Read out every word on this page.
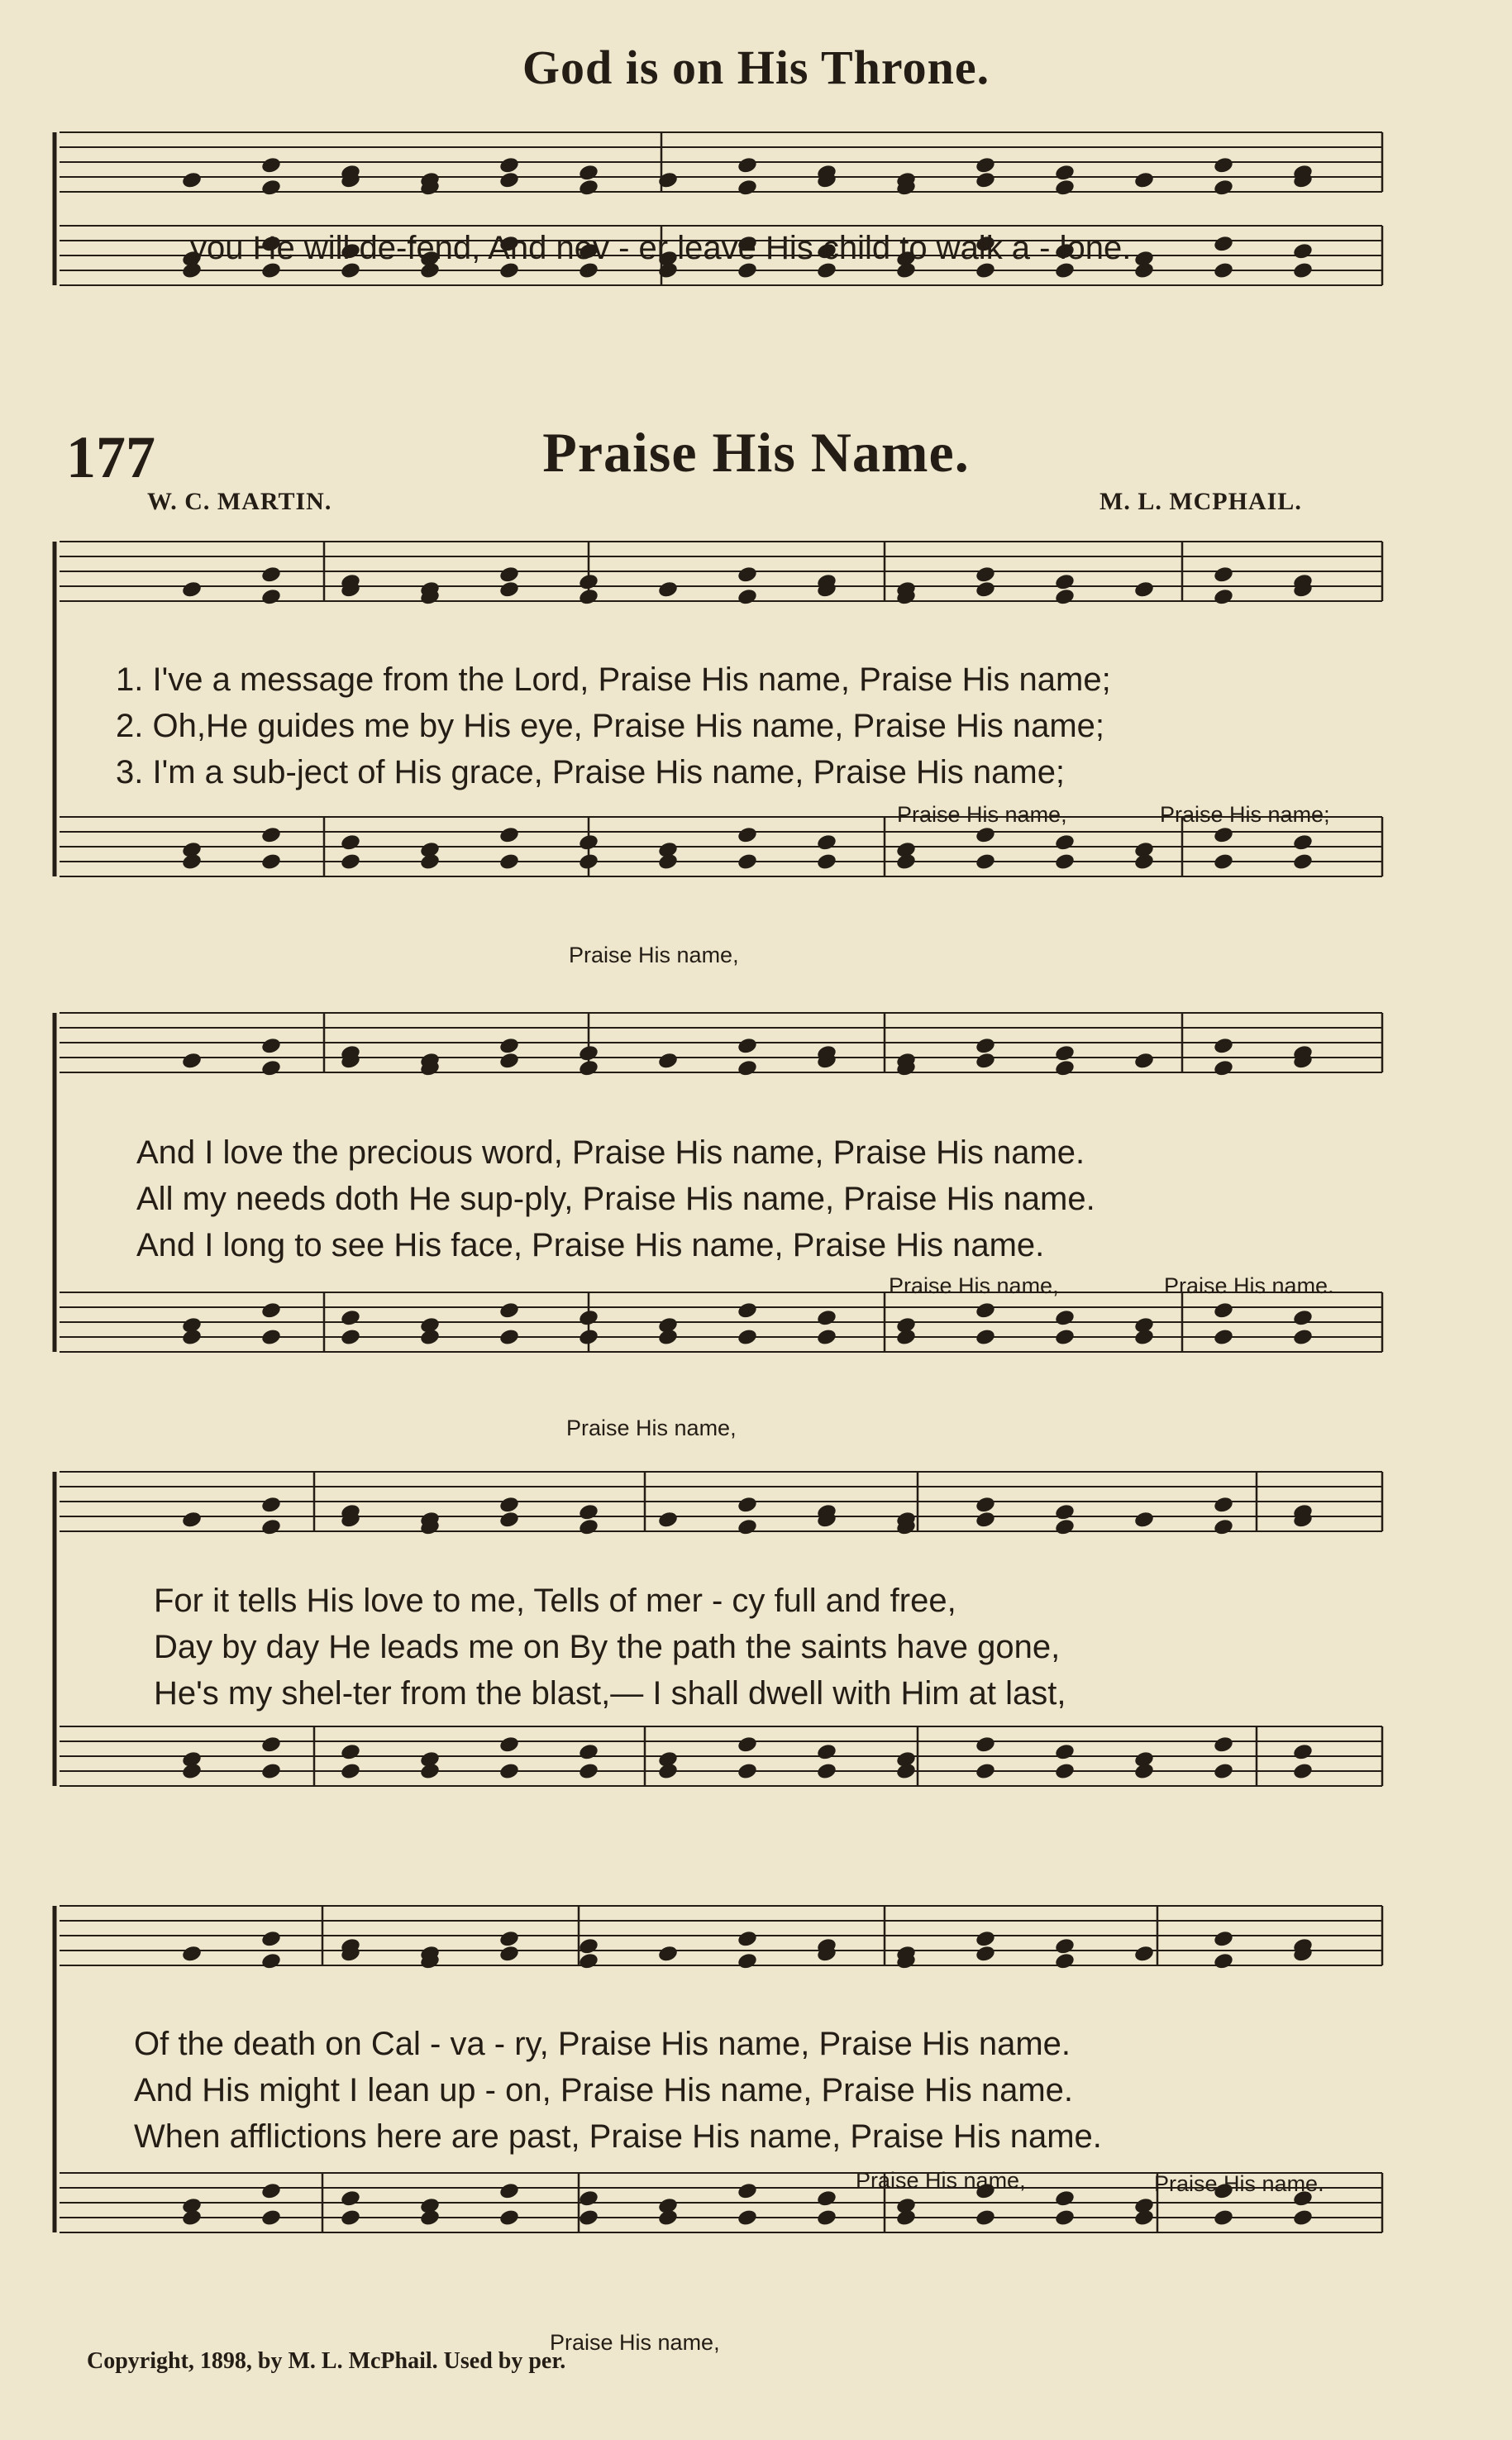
God is on His Throne.
you He will de-fend, And nev - er leave His child to walk a - lone.
177	Praise His Name.
W. C. MARTIN.	M. L. MCPHAIL.
1. I've a message from the Lord, Praise His name, Praise His name;
2. Oh,He guides me by His eye, Praise His name, Praise His name;
3. I'm a sub-ject of His grace, Praise His name, Praise His name;
Praise His name,	Praise His name;
Praise His name,
And I love the precious word, Praise His name, Praise His name.
All my needs doth He sup-ply, Praise His name, Praise His name.
And I long to see His face, Praise His name, Praise His name.
Praise His name,	Praise His name.
Praise His name,
For it tells His love to me, Tells of mer - cy full and free,
Day by day He leads me on By the path the saints have gone,
He's my shel-ter from the blast,— I shall dwell with Him at last,
Of the death on Cal - va - ry, Praise His name, Praise His name.
And His might I lean up - on, Praise His name, Praise His name.
When afflictions here are past, Praise His name, Praise His name.
Praise His name,	Praise His name.
Praise His name,
Copyright, 1898, by M. L. McPhail. Used by per.
